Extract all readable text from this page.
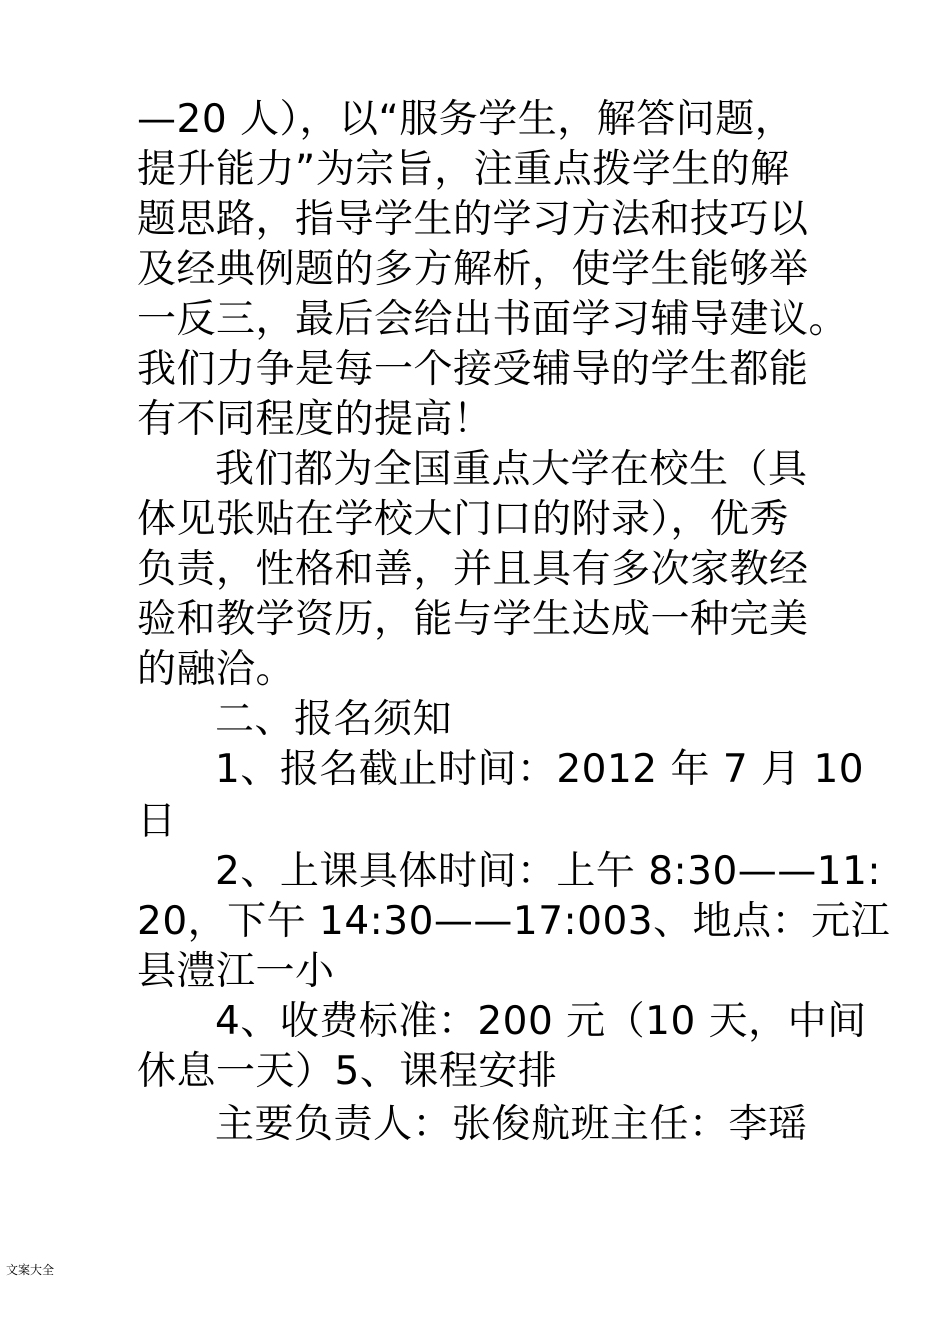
—20 人），以“服务学生，解答问题，
提升能力”为宗旨，注重点拨学生的解
题思路，指导学生的学习方法和技巧以
及经典例题的多方解析，使学生能够举
一反三，最后会给出书面学习辅导建议。
我们力争是每一个接受辅导的学生都能
有不同程度的提高！
我们都为全国重点大学在校生（具
体见张贴在学校大门口的附录），优秀
负责，性格和善，并且具有多次家教经
验和教学资历，能与学生达成一种完美
的融洽。
二、报名须知
1、报名截止时间：2012 年 7 月 10
日
2、上课具体时间：上午 8:30——11:
20，下午 14:30——17:003、地点：元江
县澧江一小
4、收费标准：200 元（10 天，中间
休息一天）5、课程安排
主要负责人：张俊航班主任：李瑶
文案大全
